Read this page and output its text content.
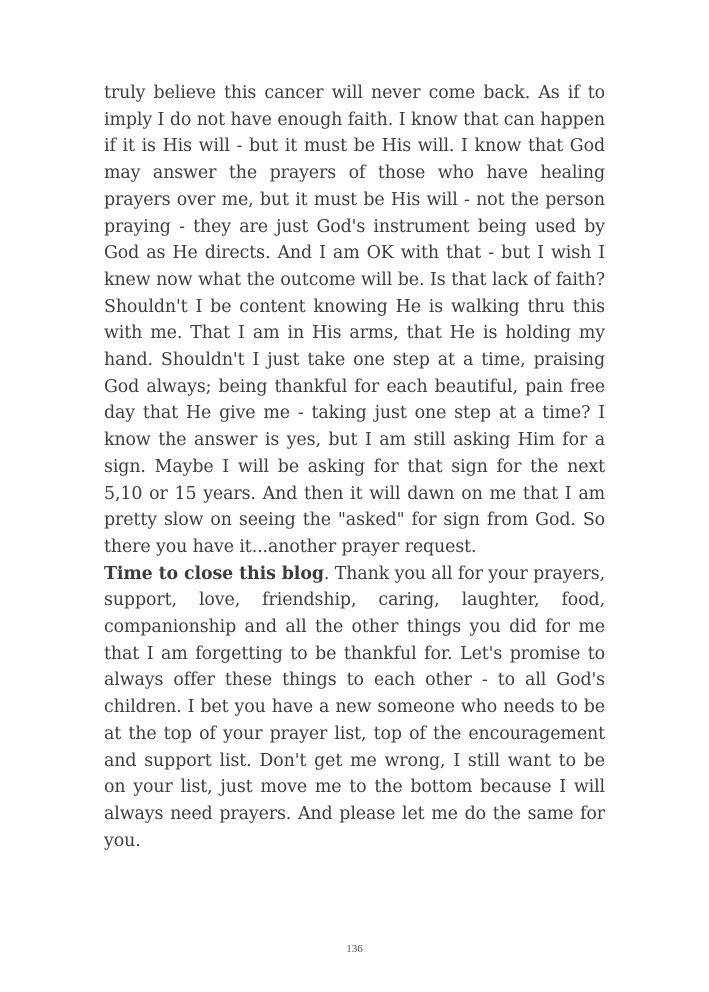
truly believe this cancer will never come back. As if to imply I do not have enough faith. I know that can happen if it is His will - but it must be His will. I know that God may answer the prayers of those who have healing prayers over me, but it must be His will - not the person praying - they are just God's instrument being used by God as He directs. And I am OK with that - but I wish I knew now what the outcome will be. Is that lack of faith? Shouldn't I be content knowing He is walking thru this with me. That I am in His arms, that He is holding my hand. Shouldn't I just take one step at a time, praising God always; being thankful for each beautiful, pain free day that He give me - taking just one step at a time? I know the answer is yes, but I am still asking Him for a sign. Maybe I will be asking for that sign for the next 5,10 or 15 years. And then it will dawn on me that I am pretty slow on seeing the "asked" for sign from God. So there you have it...another prayer request.

Time to close this blog. Thank you all for your prayers, support, love, friendship, caring, laughter, food, companionship and all the other things you did for me that I am forgetting to be thankful for. Let's promise to always offer these things to each other - to all God's children. I bet you have a new someone who needs to be at the top of your prayer list, top of the encouragement and support list. Don't get me wrong, I still want to be on your list, just move me to the bottom because I will always need prayers. And please let me do the same for you.

136
